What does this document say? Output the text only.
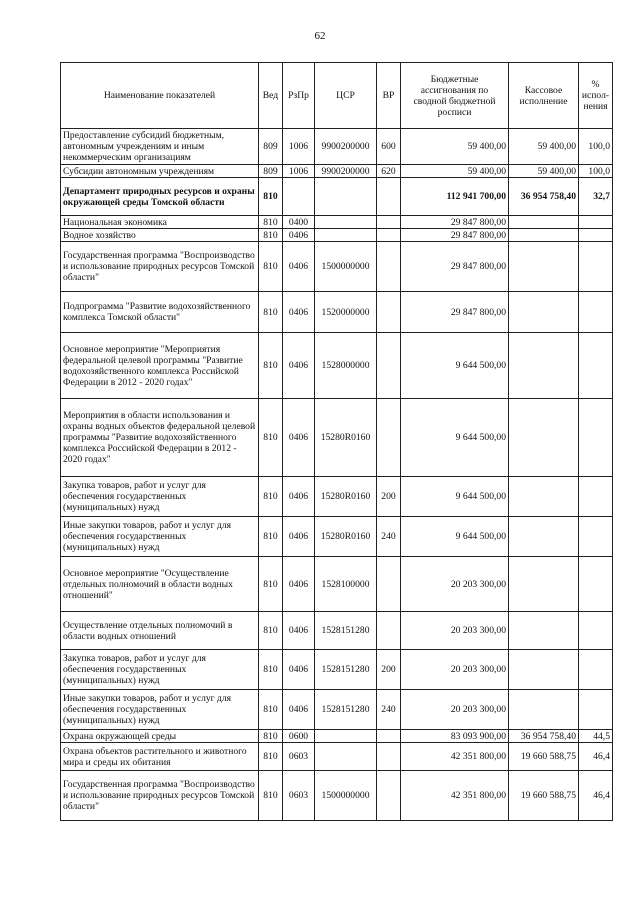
62
Наименование показателей	Вед	РзПр	ЦСР	ВР	Бюджетные ассигнования по сводной бюджетной росписи	Кассовое исполнение	% испол-нения
Предоставление субсидий бюджетным, автономным учреждениям и иным некоммерческим организациям	809	1006	9900200000	600	59 400,00	59 400,00	100,0
Субсидии автономным учреждениям	809	1006	9900200000	620	59 400,00	59 400,00	100,0
Департамент природных ресурсов и охраны окружающей среды Томской области	810				112 941 700,00	36 954 758,40	32,7
Национальная экономика	810	0400			29 847 800,00		
Водное хозяйство	810	0406			29 847 800,00		
Государственная программа "Воспроизводство и использование природных ресурсов Томской области"	810	0406	1500000000		29 847 800,00		
Подпрограмма "Развитие водохозяйственного комплекса Томской области"	810	0406	1520000000		29 847 800,00		
Основное мероприятие "Мероприятия федеральной целевой программы "Развитие водохозяйственного комплекса Российской Федерации в 2012 - 2020 годах"	810	0406	1528000000		9 644 500,00		
Мероприятия в области использования и охраны водных объектов федеральной целевой программы "Развитие водохозяйственного комплекса Российской Федерации в 2012 - 2020 годах"	810	0406	15280R0160		9 644 500,00		
Закупка товаров, работ и услуг для обеспечения государственных (муниципальных) нужд	810	0406	15280R0160	200	9 644 500,00		
Иные закупки товаров, работ и услуг для обеспечения государственных (муниципальных) нужд	810	0406	15280R0160	240	9 644 500,00		
Основное мероприятие "Осуществление отдельных полномочий в области водных отношений"	810	0406	1528100000		20 203 300,00		
Осуществление отдельных полномочий в области водных отношений	810	0406	1528151280		20 203 300,00		
Закупка товаров, работ и услуг для обеспечения государственных (муниципальных) нужд	810	0406	1528151280	200	20 203 300,00		
Иные закупки товаров, работ и услуг для обеспечения государственных (муниципальных) нужд	810	0406	1528151280	240	20 203 300,00		
Охрана окружающей среды	810	0600			83 093 900,00	36 954 758,40	44,5
Охрана объектов растительного и животного мира и среды их обитания	810	0603			42 351 800,00	19 660 588,75	46,4
Государственная программа "Воспроизводство и использование природных ресурсов Томской области"	810	0603	1500000000		42 351 800,00	19 660 588,75	46,4
